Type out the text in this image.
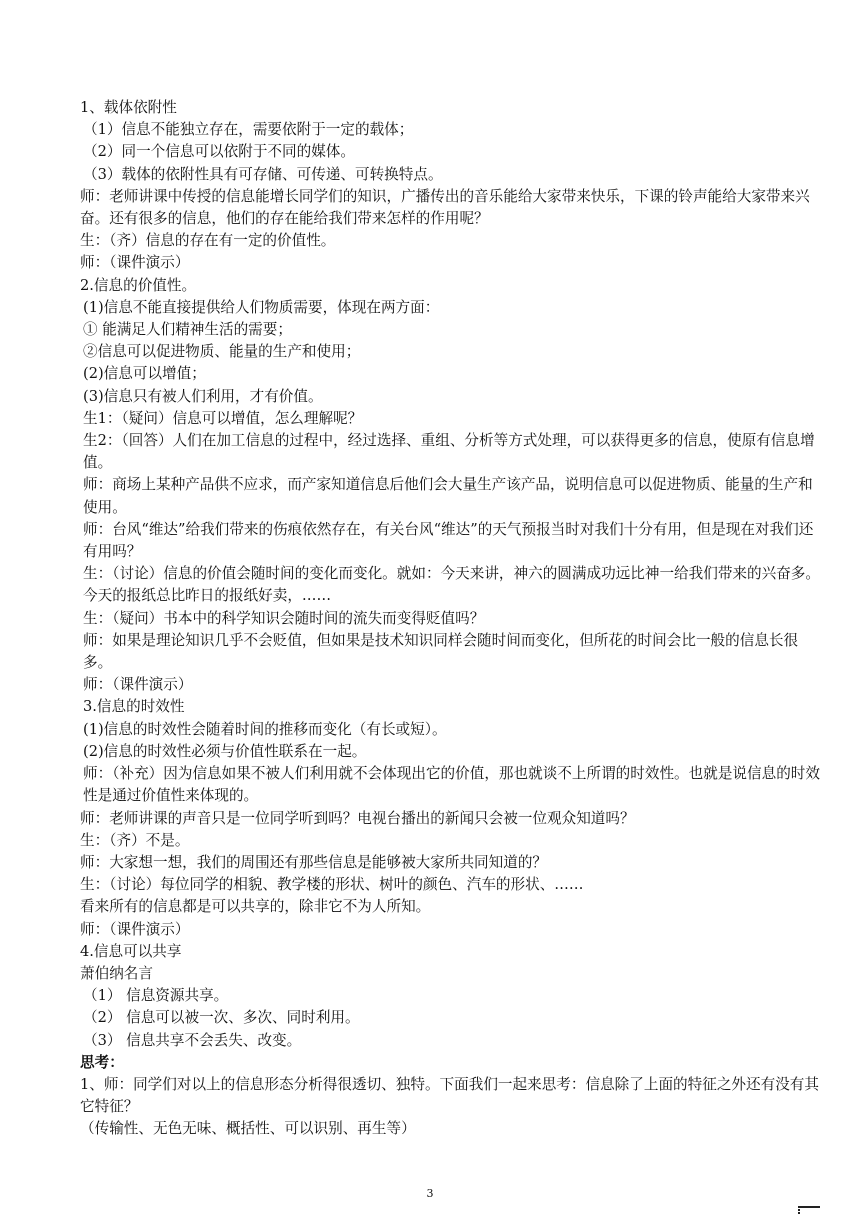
1、载体依附性
（1）信息不能独立存在，需要依附于一定的载体；
（2）同一个信息可以依附于不同的媒体。
（3）载体的依附性具有可存储、可传递、可转换特点。
师：老师讲课中传授的信息能增长同学们的知识，广播传出的音乐能给大家带来快乐，下课的铃声能给大家带来兴奋。还有很多的信息，他们的存在能给我们带来怎样的作用呢？
生：（齐）信息的存在有一定的价值性。
师：（课件演示）
2.信息的价值性。
(1)信息不能直接提供给人们物质需要，体现在两方面：
① 能满足人们精神生活的需要；
②信息可以促进物质、能量的生产和使用；
(2)信息可以增值；
(3)信息只有被人们利用，才有价值。
生1：（疑问）信息可以增值，怎么理解呢？
生2：（回答）人们在加工信息的过程中，经过选择、重组、分析等方式处理，可以获得更多的信息，使原有信息增值。
师：商场上某种产品供不应求，而产家知道信息后他们会大量生产该产品，说明信息可以促进物质、能量的生产和使用。
师：台风“维达”给我们带来的伤痕依然存在，有关台风“维达”的天气预报当时对我们十分有用，但是现在对我们还有用吗？
生：（讨论）信息的价值会随时间的变化而变化。就如：今天来讲，神六的圆满成功远比神一给我们带来的兴奋多。今天的报纸总比昨日的报纸好卖，……
生：（疑问）书本中的科学知识会随时间的流失而变得贬值吗？
师：如果是理论知识几乎不会贬值，但如果是技术知识同样会随时间而变化，但所花的时间会比一般的信息长很多。
师：（课件演示）
3.信息的时效性
(1)信息的时效性会随着时间的推移而变化（有长或短）。
(2)信息的时效性必须与价值性联系在一起。
师：（补充）因为信息如果不被人们利用就不会体现出它的价值，那也就谈不上所谓的时效性。也就是说信息的时效性是通过价值性来体现的。
师：老师讲课的声音只是一位同学听到吗？电视台播出的新闻只会被一位观众知道吗？
生：（齐）不是。
师：大家想一想，我们的周围还有那些信息是能够被大家所共同知道的？
生：（讨论）每位同学的相貌、教学楼的形状、树叶的颜色、汽车的形状、……
看来所有的信息都是可以共享的，除非它不为人所知。
师：（课件演示）
4.信息可以共享
萧伯纳名言
（1） 信息资源共享。
（2） 信息可以被一次、多次、同时利用。
（3） 信息共享不会丢失、改变。
思考：
1、师：同学们对以上的信息形态分析得很透切、独特。下面我们一起来思考：信息除了上面的特征之外还有没有其它特征？
（传输性、无色无味、概括性、可以识别、再生等）
3
